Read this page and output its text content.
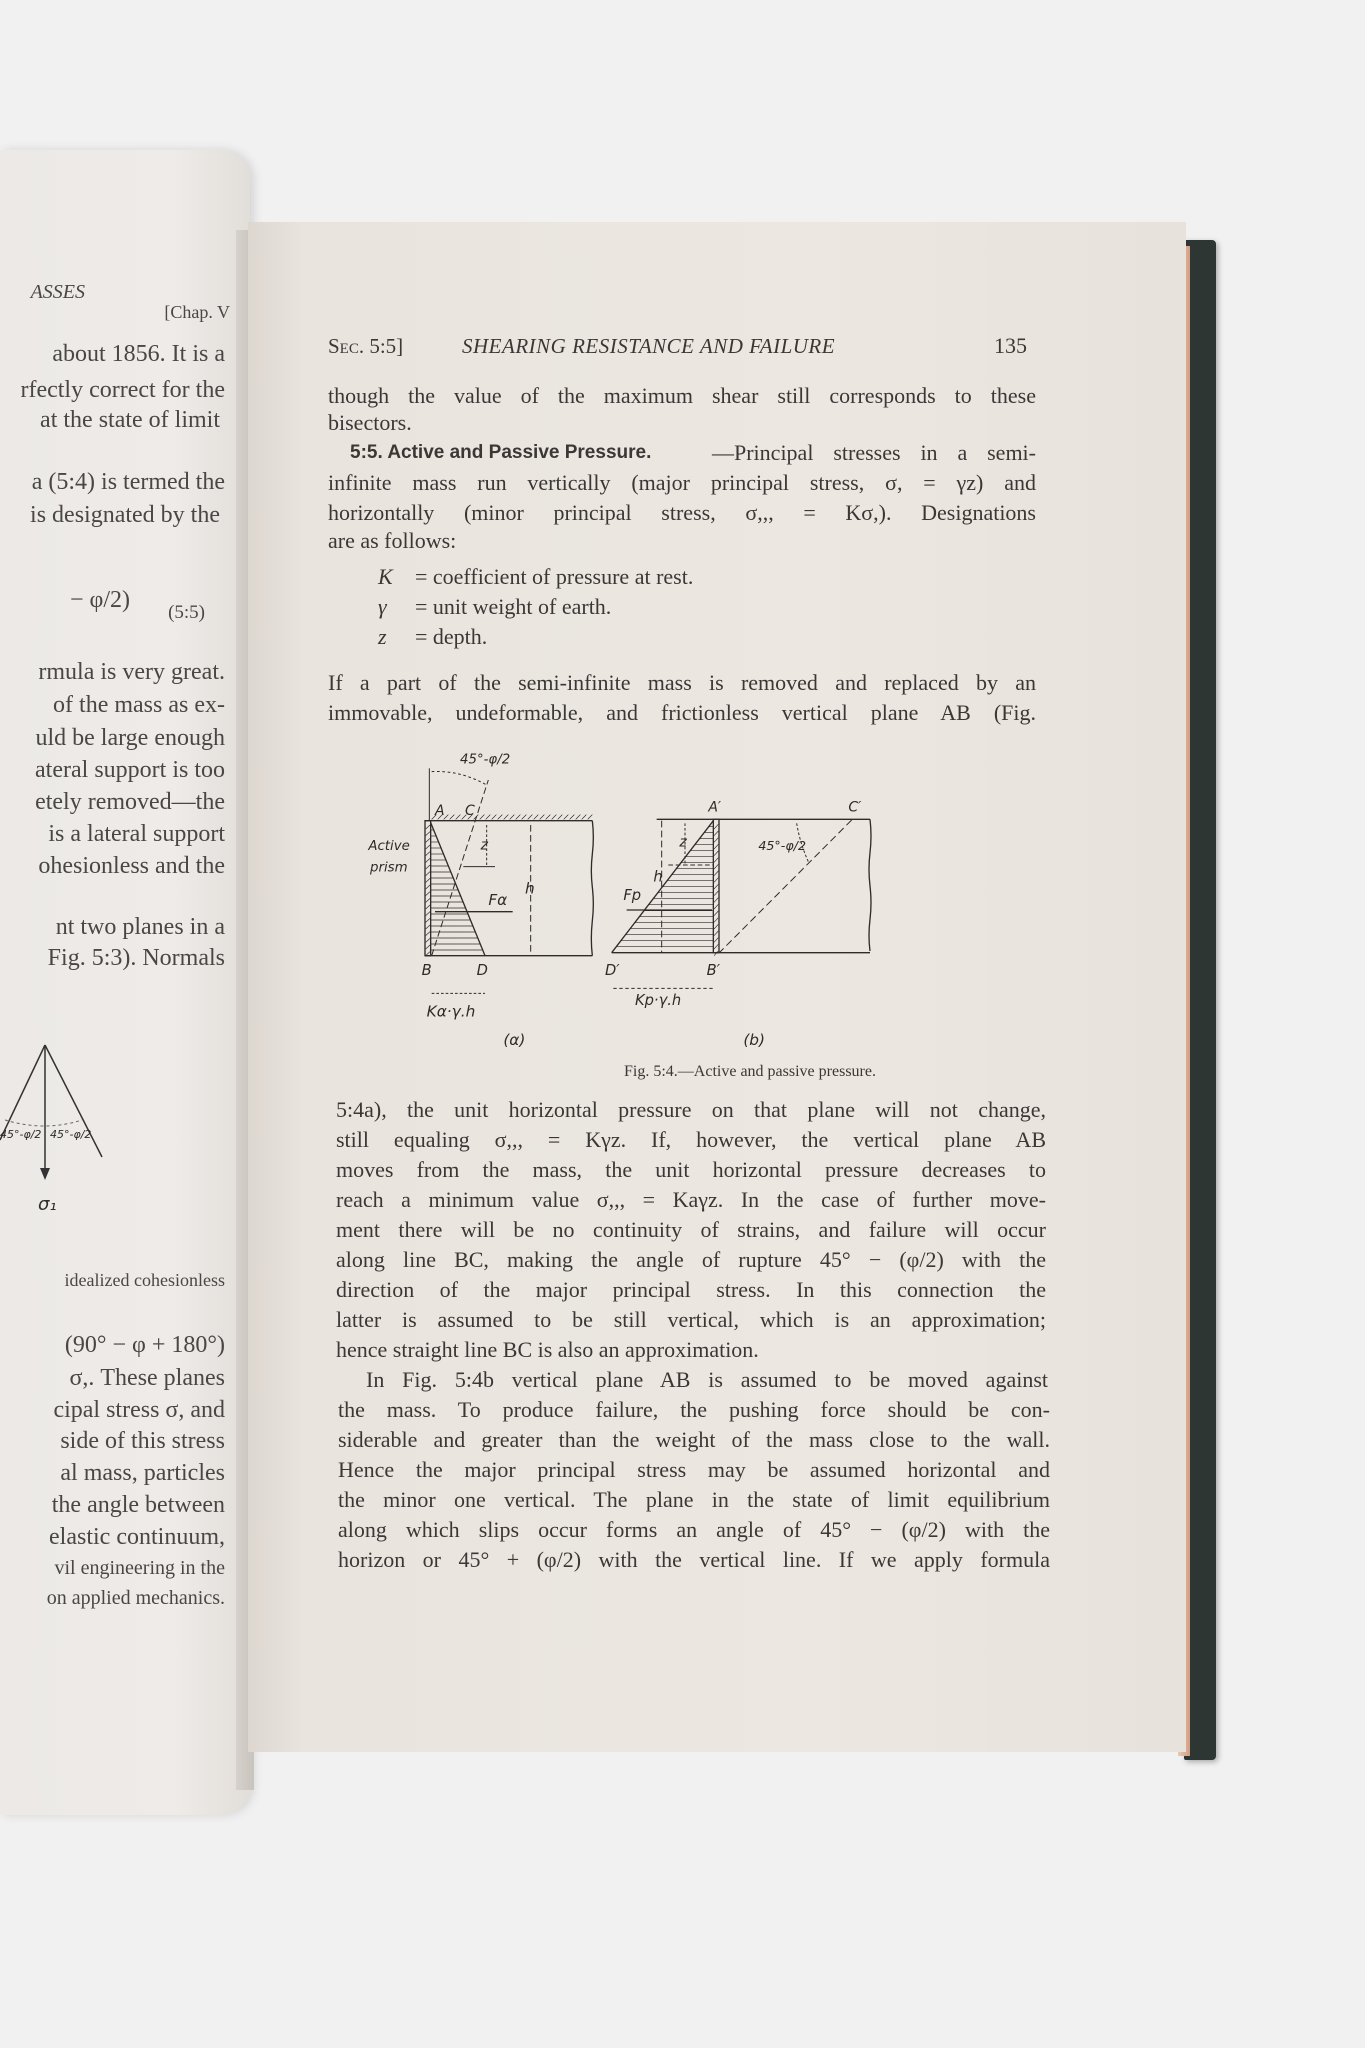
ASSES
[Chap. V
(5:5)
about 1856. It is a
rfectly correct for the
at the state of limit
a (5:4) is termed the
is designated by the
− φ/2)
rmula is very great.
of the mass as ex-
uld be large enough
ateral support is too
etely removed—the
is a lateral support
ohesionless and the
nt two planes in a
Fig. 5:3). Normals
idealized cohesionless
(90° − φ + 180°)
σ,. These planes
cipal stress σ, and
side of this stress
al mass, particles
the angle between
elastic continuum,
vil engineering in the
on applied mechanics.
45°-φ/2 45°-φ/2
σ₁
Sec. 5:5]	SHEARING RESISTANCE AND FAILURE	135
though the value of the maximum shear still corresponds to these
bisectors.
—Principal stresses in a semi-
infinite mass run vertically (major principal stress, σ, = γz) and
horizontally (minor principal stress, σ,,, = Kσ,). Designations
are as follows:
K = coefficient of pressure at rest.
γ = unit weight of earth.
z = depth.
If a part of the semi-infinite mass is removed and replaced by an
immovable, undeformable, and frictionless vertical plane AB (Fig.
5:4a), the unit horizontal pressure on that plane will not change,
still equaling σ,,, = Kγz. If, however, the vertical plane AB
moves from the mass, the unit horizontal pressure decreases to
reach a minimum value σ,,, = Kaγz. In the case of further move-
ment there will be no continuity of strains, and failure will occur
along line BC, making the angle of rupture 45° − (φ/2) with the
direction of the major principal stress. In this connection the
latter is assumed to be still vertical, which is an approximation;
hence straight line BC is also an approximation.
In Fig. 5:4b vertical plane AB is assumed to be moved against
the mass. To produce failure, the pushing force should be con-
siderable and greater than the weight of the mass close to the wall.
Hence the major principal stress may be assumed horizontal and
the minor one vertical. The plane in the state of limit equilibrium
along which slips occur forms an angle of 45° − (φ/2) with the
horizon or 45° + (φ/2) with the vertical line. If we apply formula
5:5. Active and Passive Pressure.
45°-φ/2
A C
Active
prism
z
h
Fα
B D
Kα·γ.h
(α)
A′	C′
z
h
Fp
D′ B′
Kp·γ.h
45°-φ/2
(b)
Fig. 5:4.—Active and passive pressure.
